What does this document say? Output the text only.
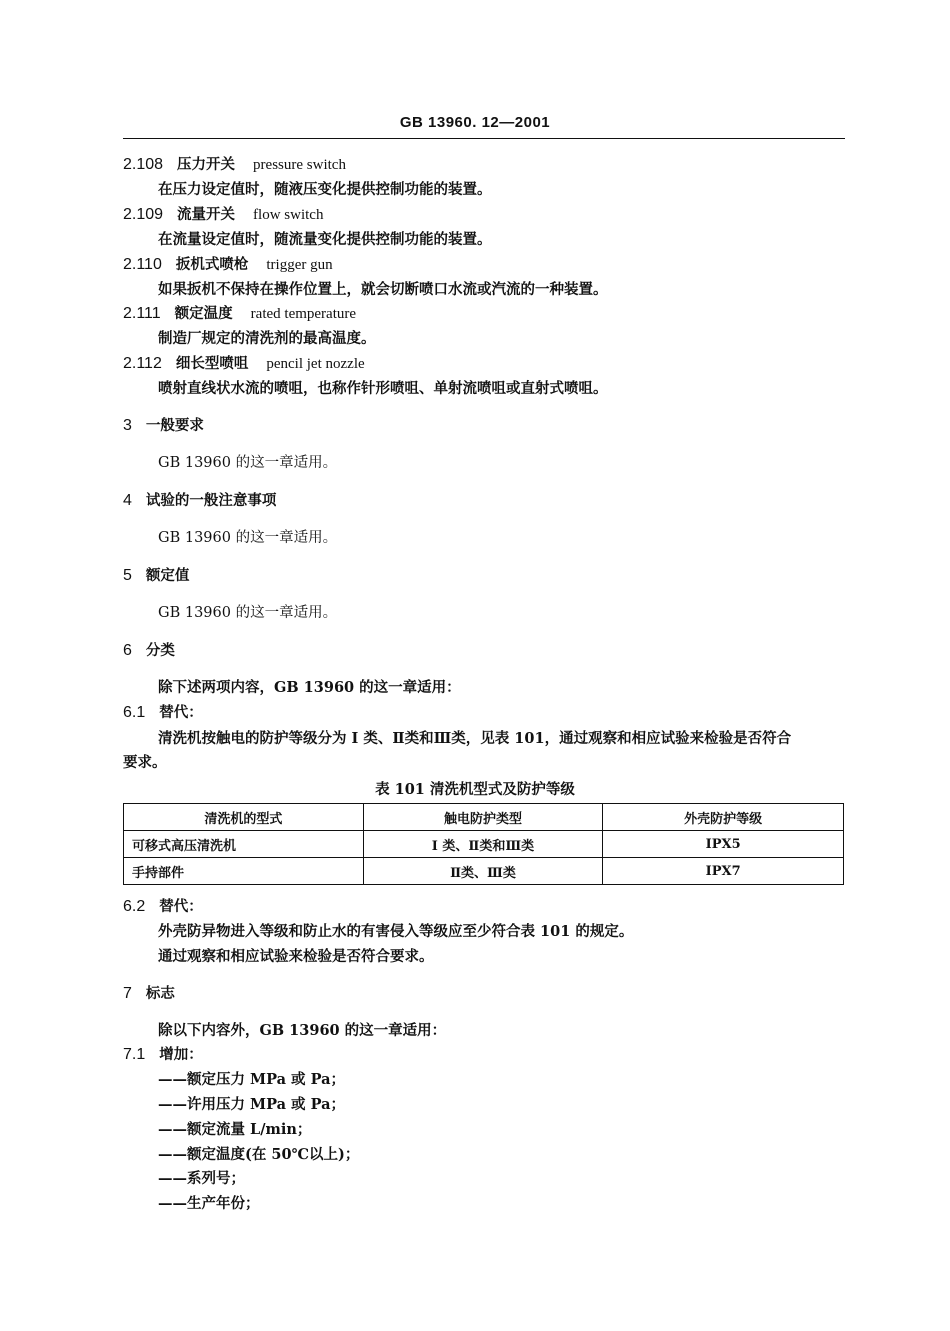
GB 13960. 12—2001
2.108 压力开关 pressure switch
在压力设定值时，随液压变化提供控制功能的装置。
2.109 流量开关 flow switch
在流量设定值时，随流量变化提供控制功能的装置。
2.110 扳机式喷枪 trigger gun
如果扳机不保持在操作位置上，就会切断喷口水流或汽流的一种装置。
2.111 额定温度 rated temperature
制造厂规定的清洗剂的最高温度。
2.112 细长型喷咀 pencil jet nozzle
喷射直线状水流的喷咀，也称作针形喷咀、单射流喷咀或直射式喷咀。
3 一般要求
GB 13960 的这一章适用。
4 试验的一般注意事项
GB 13960 的这一章适用。
5 额定值
GB 13960 的这一章适用。
6 分类
除下述两项内容，GB 13960 的这一章适用：
6.1 替代：
清洗机按触电的防护等级分为 I 类、Ⅱ类和Ⅲ类，见表 101，通过观察和相应试验来检验是否符合
要求。
表 101 清洗机型式及防护等级
清洗机的型式	触电防护类型	外壳防护等级
可移式高压清洗机	I 类、Ⅱ类和Ⅲ类	IPX5
手持部件	Ⅱ类、Ⅲ类	IPX7
6.2 替代：
外壳防异物进入等级和防止水的有害侵入等级应至少符合表 101 的规定。
通过观察和相应试验来检验是否符合要求。
7 标志
除以下内容外，GB 13960 的这一章适用：
7.1 增加：
——额定压力 MPa 或 Pa；
——许用压力 MPa 或 Pa；
——额定流量 L/min；
——额定温度(在 50℃以上)；
——系列号；
——生产年份；
